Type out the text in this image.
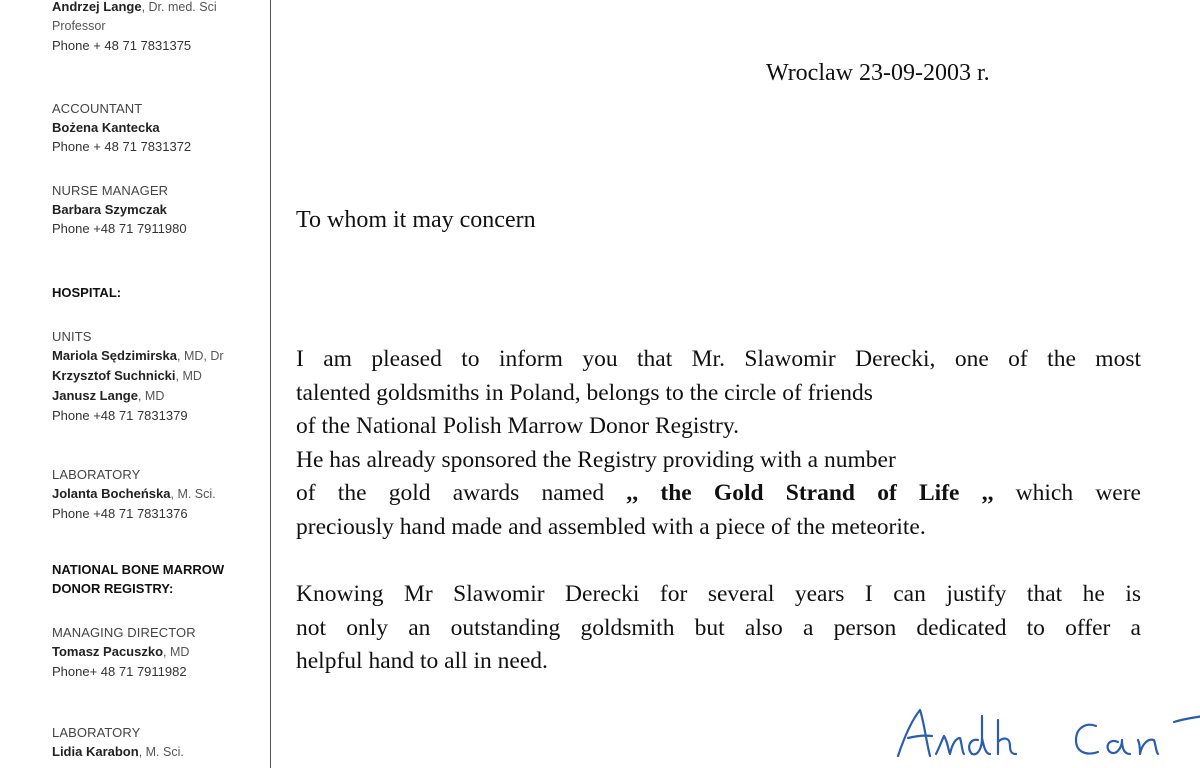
Andrzej Lange, Dr. med. Sci
Professor
Phone + 48 71 7831375
ACCOUNTANT
Bożena Kantecka
Phone + 48 71 7831372
NURSE MANAGER
Barbara Szymczak
Phone +48 71 7911980
HOSPITAL:
UNITS
Mariola Sędzimirska, MD, Dr
Krzysztof Suchnicki, MD
Janusz Lange, MD
Phone +48 71 7831379
LABORATORY
Jolanta Bocheńska, M. Sci.
Phone +48 71 7831376
NATIONAL BONE MARROW
DONOR REGISTRY:
MANAGING DIRECTOR
Tomasz Pacuszko, MD
Phone+ 48 71 7911982
LABORATORY
Lidia Karabon, M. Sci.
Wroclaw 23-09-2003 r.
To whom it may concern
I am pleased to inform you that Mr. Slawomir Derecki, one of the most
talented goldsmiths in Poland, belongs to the circle of friends
of the National Polish Marrow Donor Registry.
He has already sponsored the Registry providing with a number
of the gold awards named ,, the Gold Strand of Life ,, which were
preciously hand made and assembled with a piece of the meteorite.
Knowing Mr Slawomir Derecki for several years I can justify that he is
not only an outstanding goldsmith but also a person dedicated to offer a
helpful hand to all in need.
